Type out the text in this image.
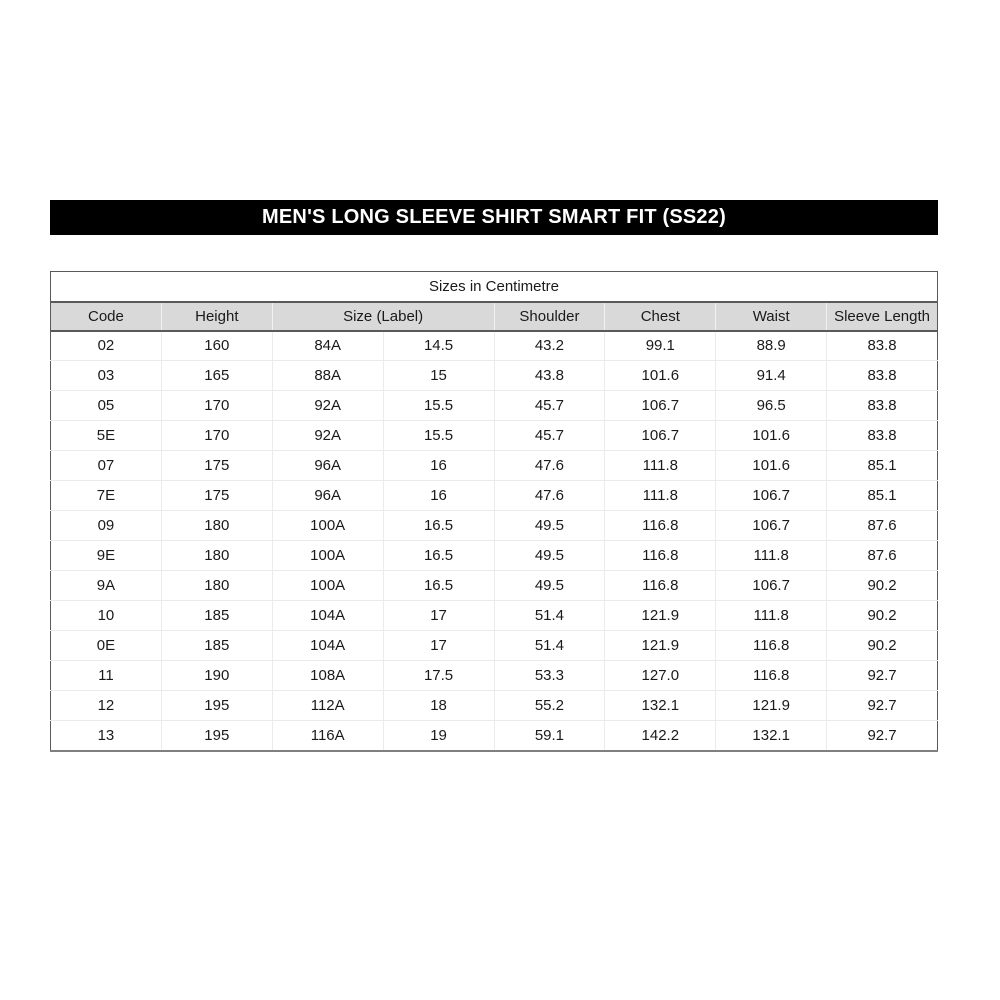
MEN'S LONG SLEEVE SHIRT SMART FIT (SS22)
Sizes in Centimetre							
Code	Height	Size (Label)		Shoulder	Chest	Waist	Sleeve Length
02	160	84A	14.5	43.2	99.1	88.9	83.8
03	165	88A	15	43.8	101.6	91.4	83.8
05	170	92A	15.5	45.7	106.7	96.5	83.8
5E	170	92A	15.5	45.7	106.7	101.6	83.8
07	175	96A	16	47.6	111.8	101.6	85.1
7E	175	96A	16	47.6	111.8	106.7	85.1
09	180	100A	16.5	49.5	116.8	106.7	87.6
9E	180	100A	16.5	49.5	116.8	111.8	87.6
9A	180	100A	16.5	49.5	116.8	106.7	90.2
10	185	104A	17	51.4	121.9	111.8	90.2
0E	185	104A	17	51.4	121.9	116.8	90.2
11	190	108A	17.5	53.3	127.0	116.8	92.7
12	195	112A	18	55.2	132.1	121.9	92.7
13	195	116A	19	59.1	142.2	132.1	92.7
